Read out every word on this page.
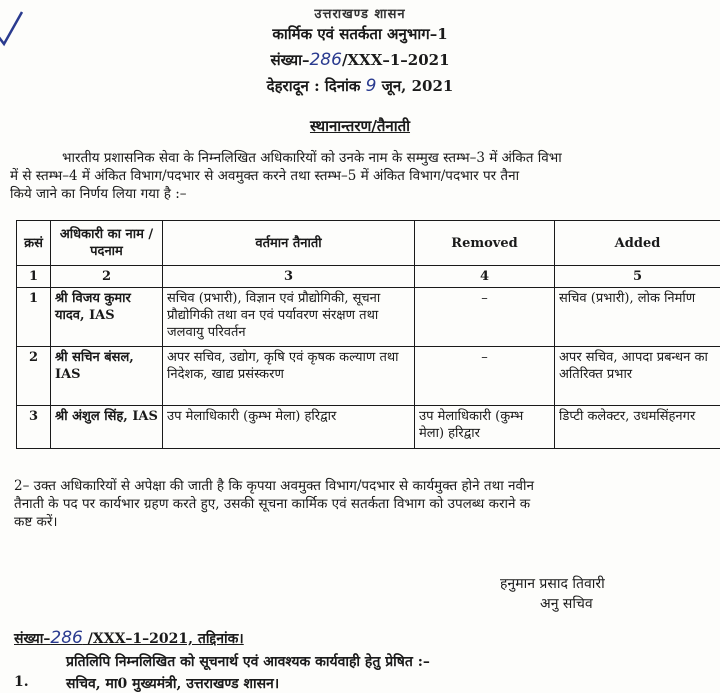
उत्तराखण्ड शासन
कार्मिक एवं सतर्कता अनुभाग–1
संख्या–286/XXX–1–2021
देहरादून : दिनांक 9 जून, 2021
स्थानान्तरण/तैनाती
भारतीय प्रशासनिक सेवा के निम्नलिखित अधिकारियों को उनके नाम के सम्मुख स्तम्भ–3 में अंकित विभा
में से स्तम्भ–4 में अंकित विभाग/पदभार से अवमुक्त करने तथा स्तम्भ–5 में अंकित विभाग/पदभार पर तैना
किये जाने का निर्णय लिया गया है :–
क्रसं	अधिकारी का नाम / पदनाम	वर्तमान तैनाती	Removed	Added
1	2	3	4	5
1	श्री विजय कुमार यादव, IAS	सचिव (प्रभारी), विज्ञान एवं प्रौद्योगिकी, सूचना प्रौद्योगिकी तथा वन एवं पर्यावरण संरक्षण तथा जलवायु परिवर्तन	–	सचिव (प्रभारी), लोक निर्माण
2	श्री सचिन बंसल, IAS	अपर सचिव, उद्योग, कृषि एवं कृषक कल्याण तथा निदेशक, खाद्य प्रसंस्करण	–	अपर सचिव, आपदा प्रबन्धन का अतिरिक्त प्रभार
3	श्री अंशुल सिंह, IAS	उप मेलाधिकारी (कुम्भ मेला) हरिद्वार	उप मेलाधिकारी (कुम्भ मेला) हरिद्वार	डिप्टी कलेक्टर, उधमसिंहनगर
2– उक्त अधिकारियों से अपेक्षा की जाती है कि कृपया अवमुक्त विभाग/पदभार से कार्यमुक्त होने तथा नवीन
तैनाती के पद पर कार्यभार ग्रहण करते हुए, उसकी सूचना कार्मिक एवं सतर्कता विभाग को उपलब्ध कराने क
कष्ट करें।
हनुमान प्रसाद तिवारी
अनु सचिव
संख्या–286 /XXX–1–2021, तद्दिनांक।
प्रतिलिपि निम्नलिखित को सूचनार्थ एवं आवश्यक कार्यवाही हेतु प्रेषित :–
1.	सचिव, मा0 मुख्यमंत्री, उत्तराखण्ड शासन।
